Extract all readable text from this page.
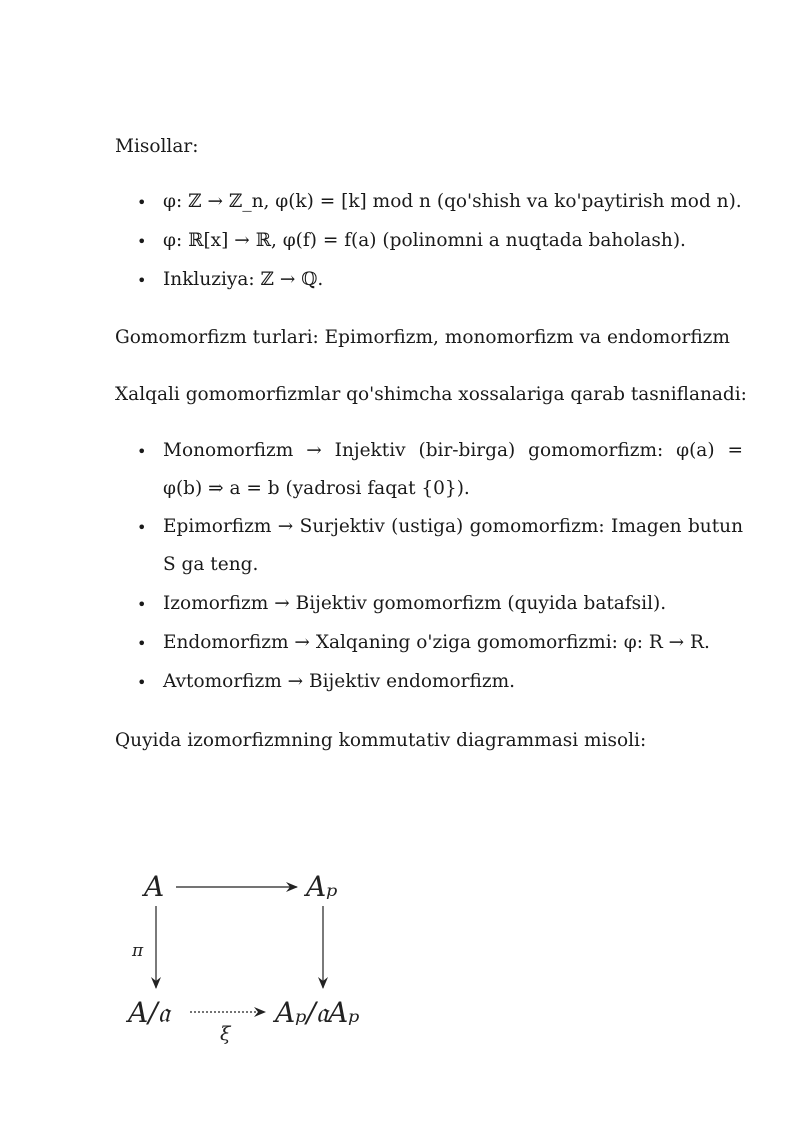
Misollar:

• φ: ℤ → ℤ_n, φ(k) = [k] mod n (qo'shish va ko'paytirish mod n).
• φ: ℝ[x] → ℝ, φ(f) = f(a) (polinomni a nuqtada baholash).
• Inkluziya: ℤ → ℚ.

Gomomorfizm turlari: Epimorfizm, monomorfizm va endomorfizm

Xalqali gomomorfizmlar qo'shimcha xossalariga qarab tasniflanadi:

• Monomorfizm → Injektiv (bir-birga) gomomorfizm: φ(a) = φ(b) ⇒ a = b (yadrosi faqat {0}).
• Epimorfizm → Surjektiv (ustiga) gomomorfizm: Imagen butun S ga teng.
• Izomorfizm → Bijektiv gomomorfizm (quyida batafsil).
• Endomorfizm → Xalqaning o'ziga gomomorfizmi: φ: R → R.
• Avtomorfizm → Bijektiv endomorfizm.

Quyida izomorfizmning kommutativ diagrammasi misoli:

A	Aₚ
A/𝔞	Aₚ/𝔞Aₚ
π
ξ
